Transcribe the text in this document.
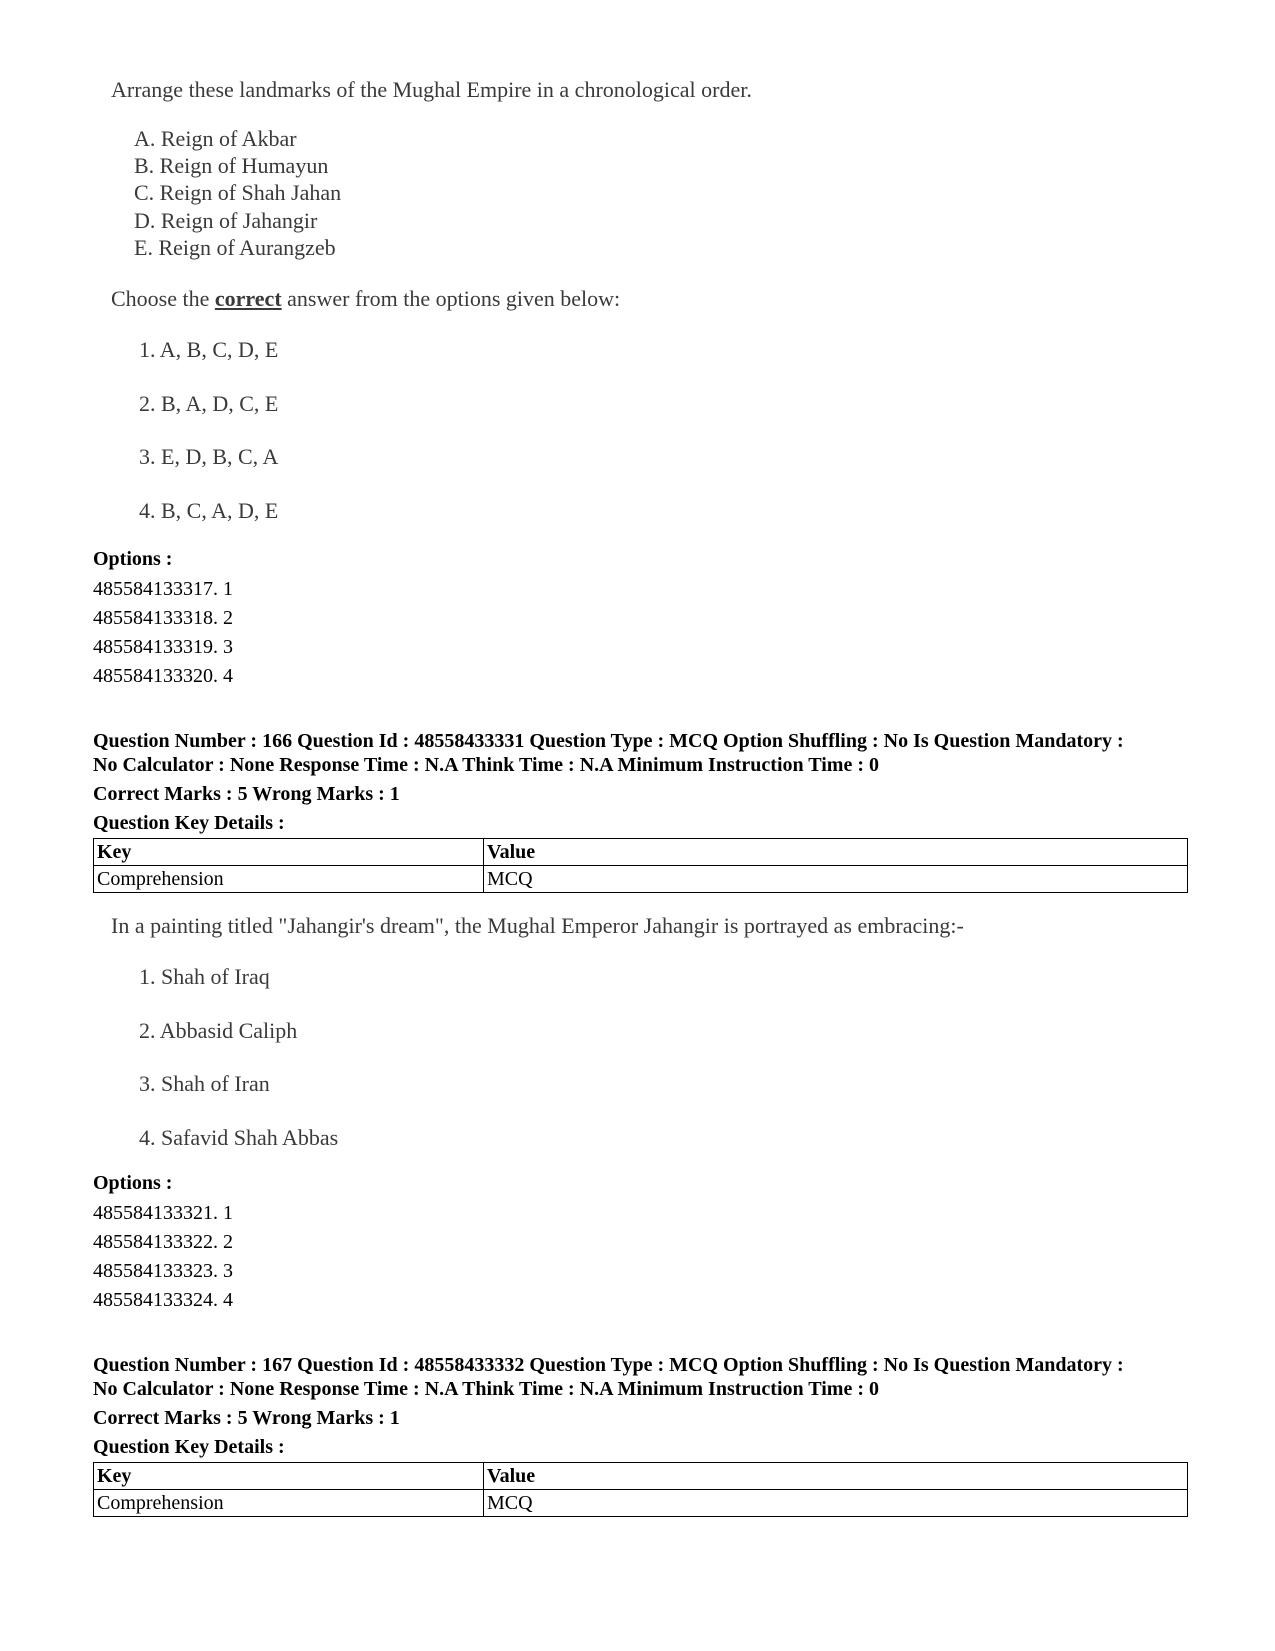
Arrange these landmarks of the Mughal Empire in a chronological order.
A. Reign of Akbar
B. Reign of Humayun
C. Reign of Shah Jahan
D. Reign of Jahangir
E. Reign of Aurangzeb
Choose the correct answer from the options given below:
1. A, B, C, D, E
2. B, A, D, C, E
3. E, D, B, C, A
4. B, C, A, D, E
Options :
485584133317. 1
485584133318. 2
485584133319. 3
485584133320. 4
Question Number : 166 Question Id : 48558433331 Question Type : MCQ Option Shuffling : No Is Question Mandatory :
No Calculator : None Response Time : N.A Think Time : N.A Minimum Instruction Time : 0
Correct Marks : 5 Wrong Marks : 1
Question Key Details :
Key	Value
Comprehension	MCQ
In a painting titled "Jahangir's dream", the Mughal Emperor Jahangir is portrayed as embracing:-
1. Shah of Iraq
2. Abbasid Caliph
3. Shah of Iran
4. Safavid Shah Abbas
Options :
485584133321. 1
485584133322. 2
485584133323. 3
485584133324. 4
Question Number : 167 Question Id : 48558433332 Question Type : MCQ Option Shuffling : No Is Question Mandatory :
No Calculator : None Response Time : N.A Think Time : N.A Minimum Instruction Time : 0
Correct Marks : 5 Wrong Marks : 1
Question Key Details :
Key	Value
Comprehension	MCQ
